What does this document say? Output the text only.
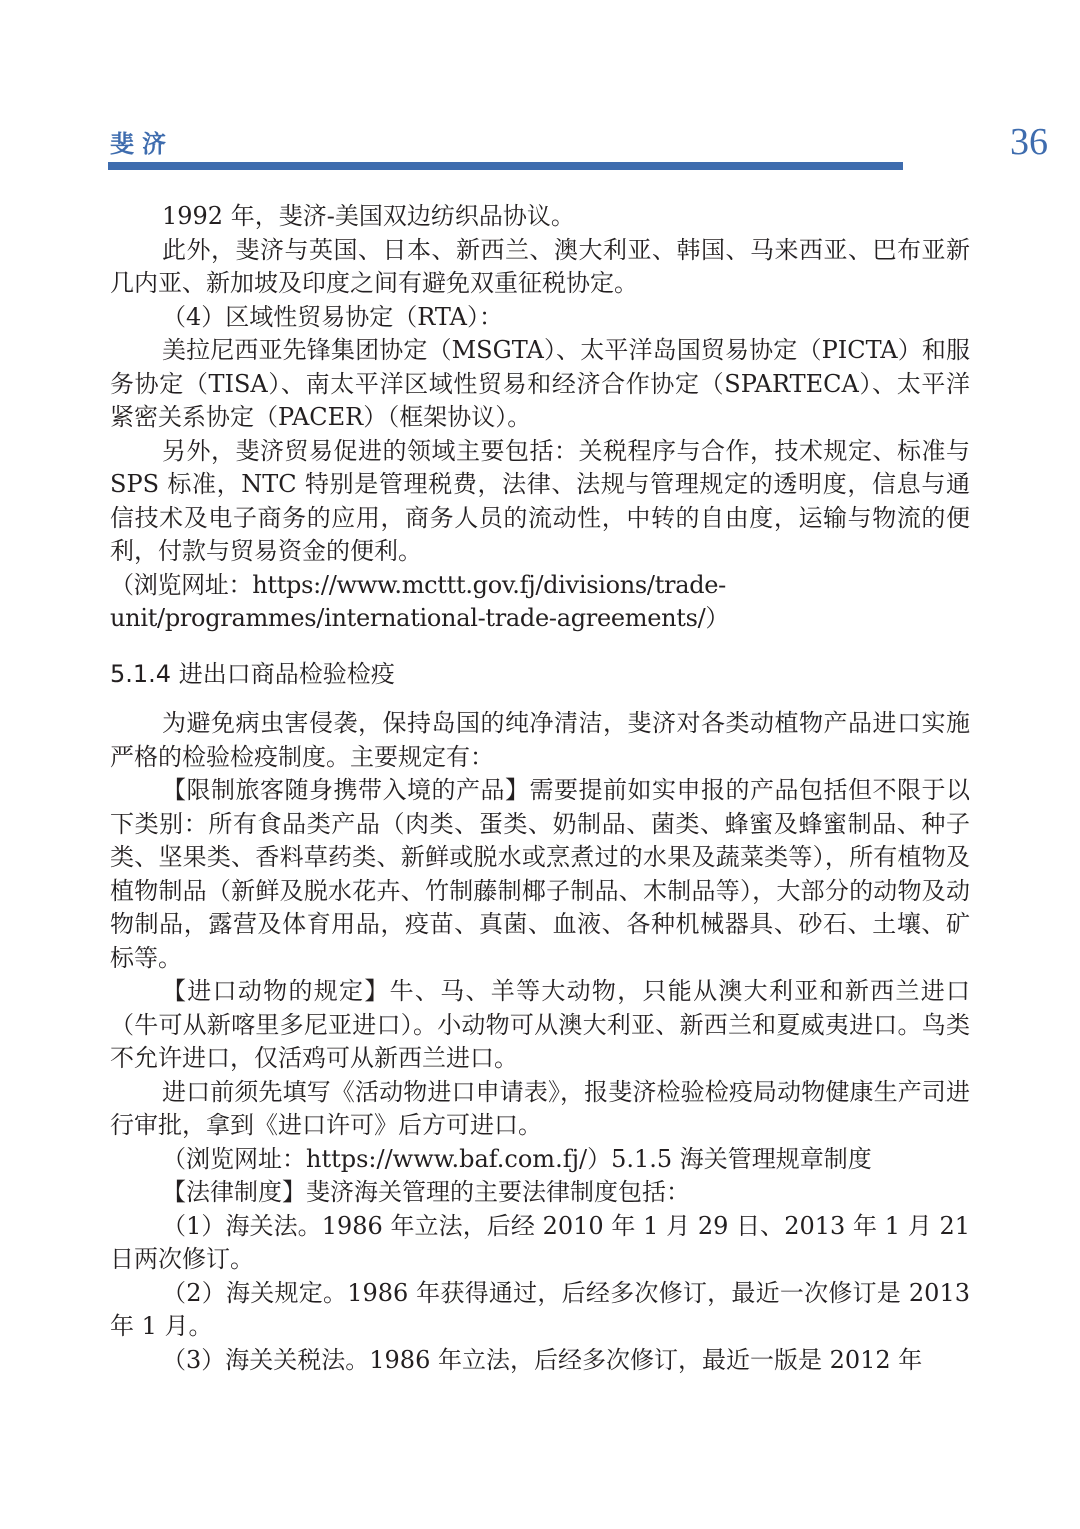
斐济	36

1992 年，斐济-美国双边纺织品协议。

此外，斐济与英国、日本、新西兰、澳大利亚、韩国、马来西亚、巴布亚新几内亚、新加坡及印度之间有避免双重征税协定。

（4）区域性贸易协定（RTA）：

美拉尼西亚先锋集团协定（MSGTA）、太平洋岛国贸易协定（PICTA）和服务协定（TISA）、南太平洋区域性贸易和经济合作协定（SPARTECA）、太平洋紧密关系协定（PACER）（框架协议）。

另外，斐济贸易促进的领域主要包括：关税程序与合作，技术规定、标准与 SPS 标准，NTC 特别是管理税费，法律、法规与管理规定的透明度，信息与通信技术及电子商务的应用，商务人员的流动性，中转的自由度，运输与物流的便利，付款与贸易资金的便利。

（浏览网址：https://www.mcttt.gov.fj/divisions/trade-

unit/programmes/international-trade-agreements/）

5.1.4 进出口商品检验检疫

为避免病虫害侵袭，保持岛国的纯净清洁，斐济对各类动植物产品进口实施严格的检验检疫制度。主要规定有：

【限制旅客随身携带入境的产品】需要提前如实申报的产品包括但不限于以下类别：所有食品类产品（肉类、蛋类、奶制品、菌类、蜂蜜及蜂蜜制品、种子类、坚果类、香料草药类、新鲜或脱水或烹煮过的水果及蔬菜类等），所有植物及植物制品（新鲜及脱水花卉、竹制藤制椰子制品、木制品等），大部分的动物及动物制品，露营及体育用品，疫苗、真菌、血液、各种机械器具、砂石、土壤、矿标等。

【进口动物的规定】牛、马、羊等大动物，只能从澳大利亚和新西兰进口（牛可从新喀里多尼亚进口）。小动物可从澳大利亚、新西兰和夏威夷进口。鸟类不允许进口，仅活鸡可从新西兰进口。

进口前须先填写《活动物进口申请表》，报斐济检验检疫局动物健康生产司进行审批，拿到《进口许可》后方可进口。

（浏览网址：https://www.baf.com.fj/）5.1.5 海关管理规章制度

【法律制度】斐济海关管理的主要法律制度包括：

（1）海关法。1986 年立法，后经 2010 年 1 月 29 日、2013 年 1 月 21 日两次修订。

（2）海关规定。1986 年获得通过，后经多次修订，最近一次修订是 2013 年 1 月。

（3）海关关税法。1986 年立法，后经多次修订，最近一版是 2012 年
